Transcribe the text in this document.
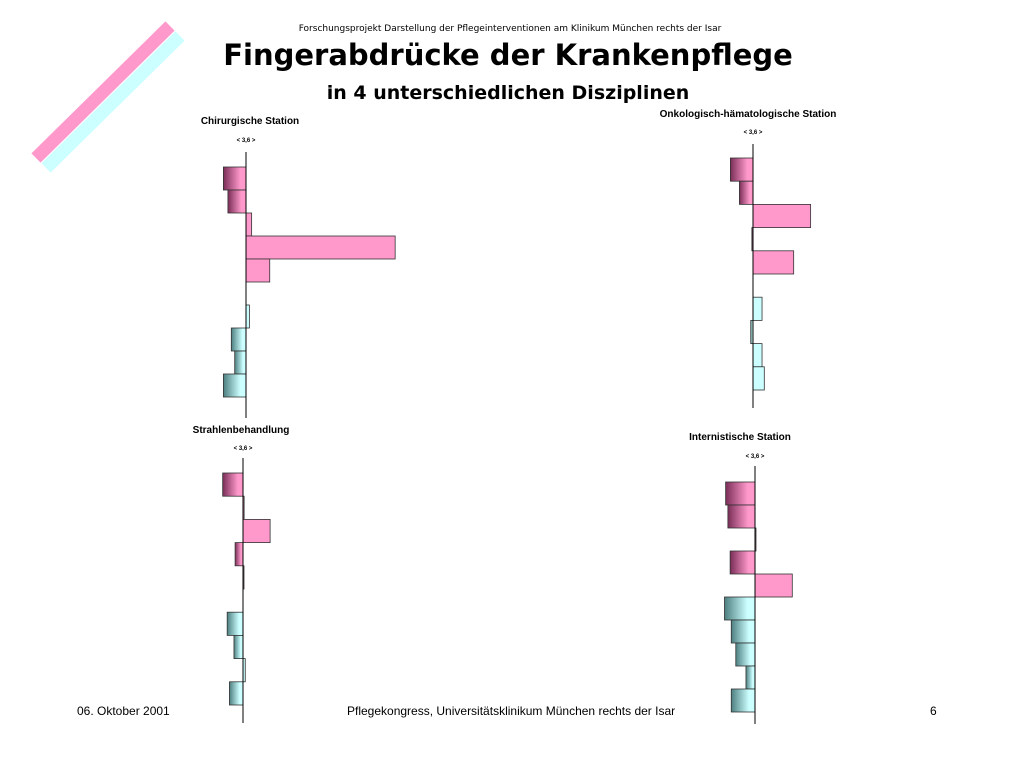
Forschungsprojekt Darstellung der Pflegeinterventionen am Klinikum München rechts der Isar
Fingerabdrücke der Krankenpflege
in 4 unterschiedlichen Disziplinen
Chirurgische Station
< 3,6 >
Onkologisch-hämatologische Station
< 3,6 >
Strahlenbehandlung
< 3,6 >
Internistische Station
< 3,6 >
06. Oktober 2001	Pflegekongress, Universitätsklinikum München rechts der Isar	6
